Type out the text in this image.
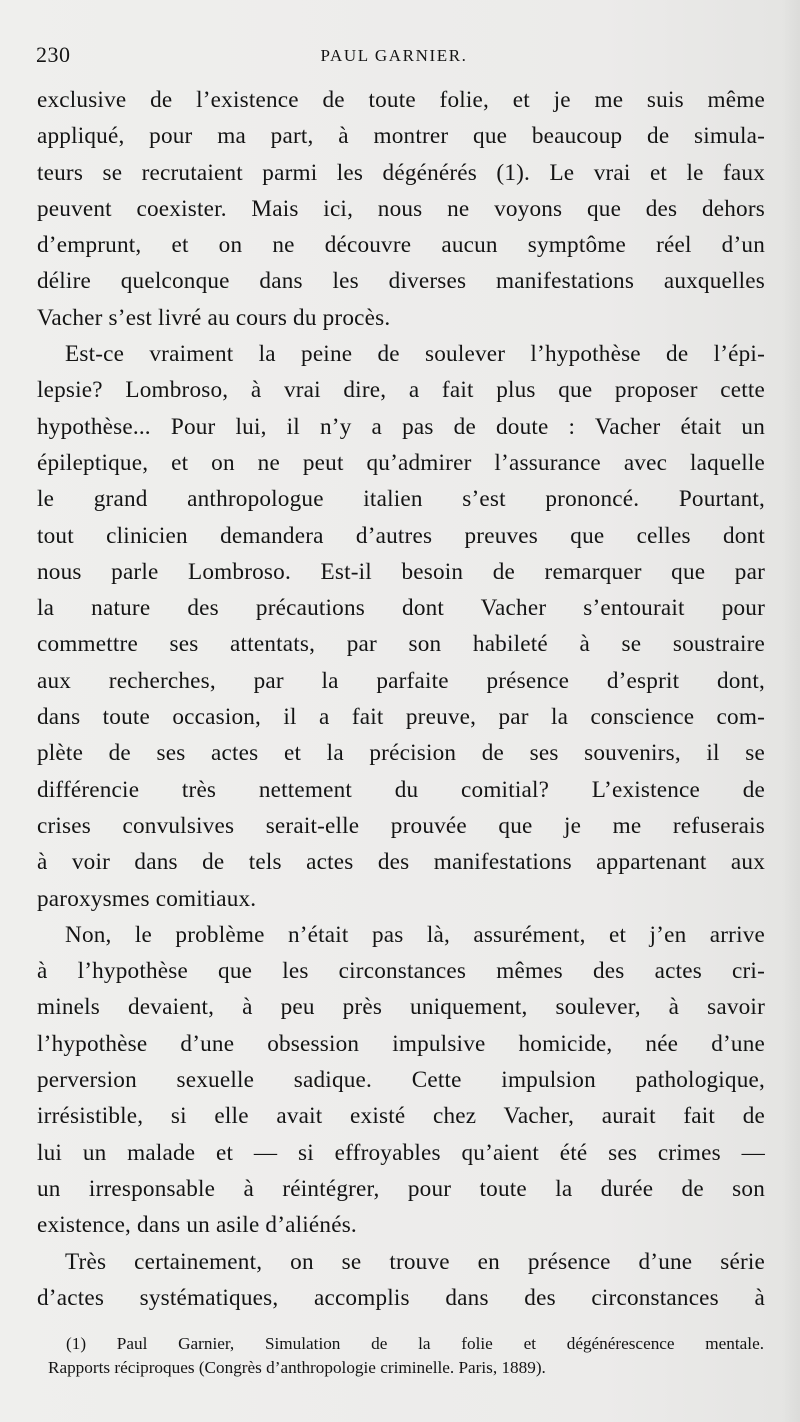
230	PAUL GARNIER.

exclusive de l’existence de toute folie, et je me suis même
appliqué, pour ma part, à montrer que beaucoup de simula-
teurs se recrutaient parmi les dégénérés (1). Le vrai et le faux
peuvent coexister. Mais ici, nous ne voyons que des dehors
d’emprunt, et on ne découvre aucun symptôme réel d’un
délire quelconque dans les diverses manifestations auxquelles
Vacher s’est livré au cours du procès.

Est-ce vraiment la peine de soulever l’hypothèse de l’épi-
lepsie? Lombroso, à vrai dire, a fait plus que proposer cette
hypothèse... Pour lui, il n’y a pas de doute : Vacher était un
épileptique, et on ne peut qu’admirer l’assurance avec laquelle
le grand anthropologue italien s’est prononcé. Pourtant,
tout clinicien demandera d’autres preuves que celles dont
nous parle Lombroso. Est-il besoin de remarquer que par
la nature des précautions dont Vacher s’entourait pour
commettre ses attentats, par son habileté à se soustraire
aux recherches, par la parfaite présence d’esprit dont,
dans toute occasion, il a fait preuve, par la conscience com-
plète de ses actes et la précision de ses souvenirs, il se
différencie très nettement du comitial? L’existence de
crises convulsives serait-elle prouvée que je me refuserais
à voir dans de tels actes des manifestations appartenant aux
paroxysmes comitiaux.

Non, le problème n’était pas là, assurément, et j’en arrive
à l’hypothèse que les circonstances mêmes des actes cri-
minels devaient, à peu près uniquement, soulever, à savoir
l’hypothèse d’une obsession impulsive homicide, née d’une
perversion sexuelle sadique. Cette impulsion pathologique,
irrésistible, si elle avait existé chez Vacher, aurait fait de
lui un malade et — si effroyables qu’aient été ses crimes —
un irresponsable à réintégrer, pour toute la durée de son
existence, dans un asile d’aliénés.

Très certainement, on se trouve en présence d’une série
d’actes systématiques, accomplis dans des circonstances à

(1) Paul Garnier, Simulation de la folie et dégénérescence mentale.
Rapports réciproques (Congrès d’anthropologie criminelle. Paris, 1889).
